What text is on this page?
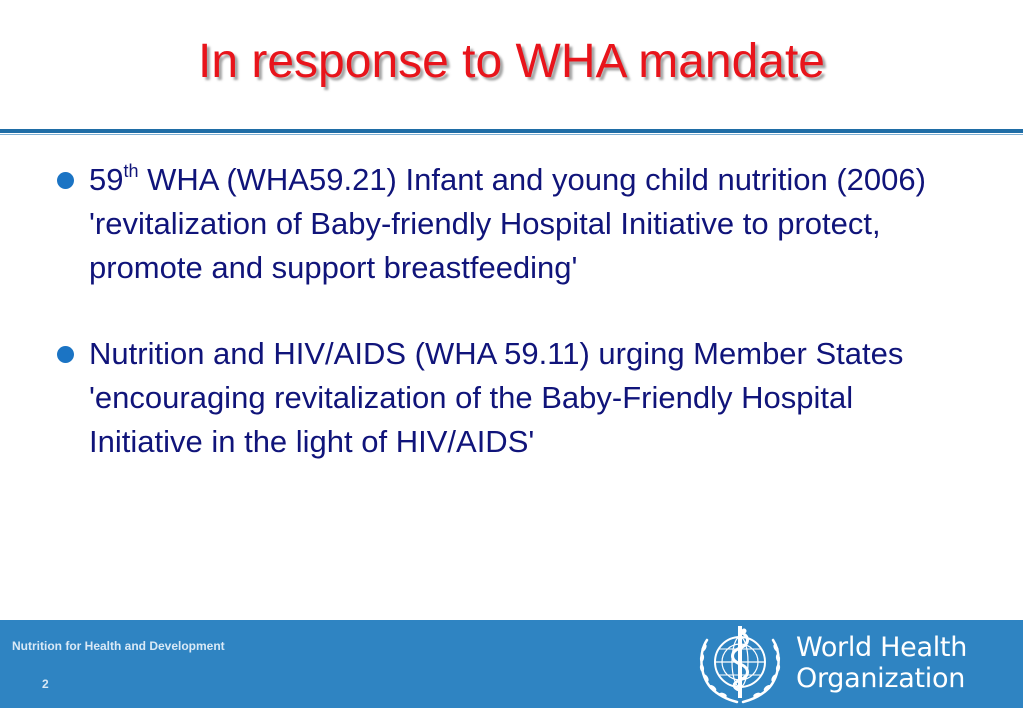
In response to WHA mandate
59th WHA (WHA59.21) Infant and young child nutrition (2006) 'revitalization of Baby-friendly Hospital Initiative to protect, promote and support breastfeeding'
Nutrition and HIV/AIDS (WHA 59.11) urging Member States 'encouraging revitalization of the Baby-Friendly Hospital Initiative in the light of HIV/AIDS'
Nutrition for Health and Development
2
World Health
Organization
